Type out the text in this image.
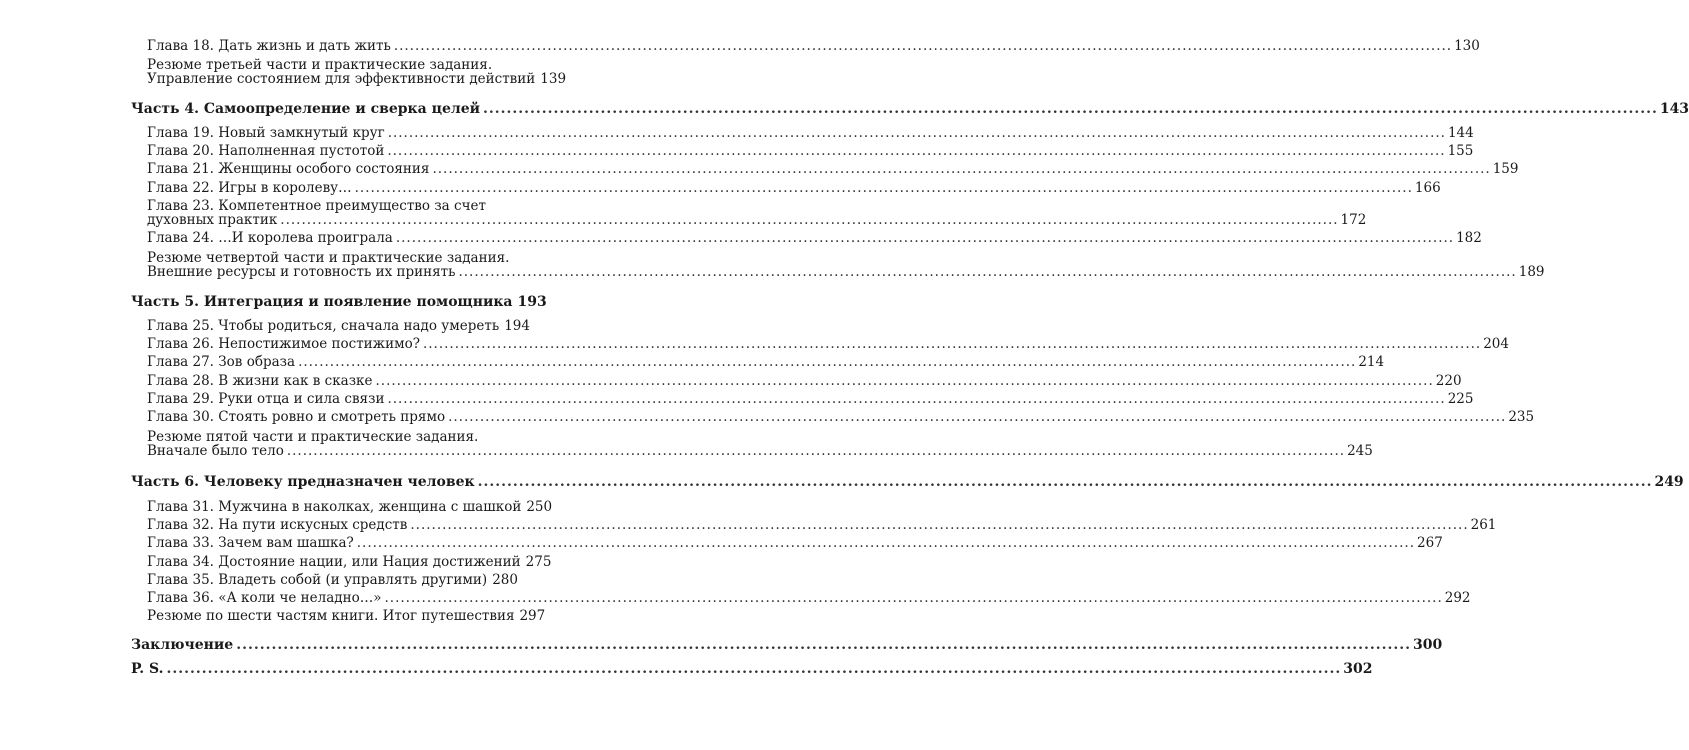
Глава 18. Дать жизнь и дать жить ........................................................................................................................................................................................................ 130
Резюме третьей части и практические задания.
Управление состоянием для эффективности действий 139
Часть 4. Самоопределение и сверка целей ........................................................................................................................................................................................................ 143
Глава 19. Новый замкнутый круг ........................................................................................................................................................................................................ 144
Глава 20. Наполненная пустотой ........................................................................................................................................................................................................ 155
Глава 21. Женщины особого состояния ........................................................................................................................................................................................................ 159
Глава 22. Игры в королеву… ........................................................................................................................................................................................................ 166
Глава 23. Компетентное преимущество за счет
духовных практик ........................................................................................................................................................................................................ 172
Глава 24. …И королева проиграла ........................................................................................................................................................................................................ 182
Резюме четвертой части и практические задания.
Внешние ресурсы и готовность их принять ........................................................................................................................................................................................................ 189
Часть 5. Интеграция и появление помощника 193
Глава 25. Чтобы родиться, сначала надо умереть 194
Глава 26. Непостижимое постижимо? ........................................................................................................................................................................................................ 204
Глава 27. Зов образа ........................................................................................................................................................................................................ 214
Глава 28. В жизни как в сказке ........................................................................................................................................................................................................ 220
Глава 29. Руки отца и сила связи ........................................................................................................................................................................................................ 225
Глава 30. Стоять ровно и смотреть прямо ........................................................................................................................................................................................................ 235
Резюме пятой части и практические задания.
Вначале было тело ........................................................................................................................................................................................................ 245
Часть 6. Человеку предназначен человек ........................................................................................................................................................................................................ 249
Глава 31. Мужчина в наколках, женщина с шашкой 250
Глава 32. На пути искусных средств ........................................................................................................................................................................................................ 261
Глава 33. Зачем вам шашка? ........................................................................................................................................................................................................ 267
Глава 34. Достояние нации, или Нация достижений 275
Глава 35. Владеть собой (и управлять другими) 280
Глава 36. «А коли че неладно…» ........................................................................................................................................................................................................ 292
Резюме по шести частям книги. Итог путешествия 297
Заключение ........................................................................................................................................................................................................ 300
P. S. ........................................................................................................................................................................................................ 302
